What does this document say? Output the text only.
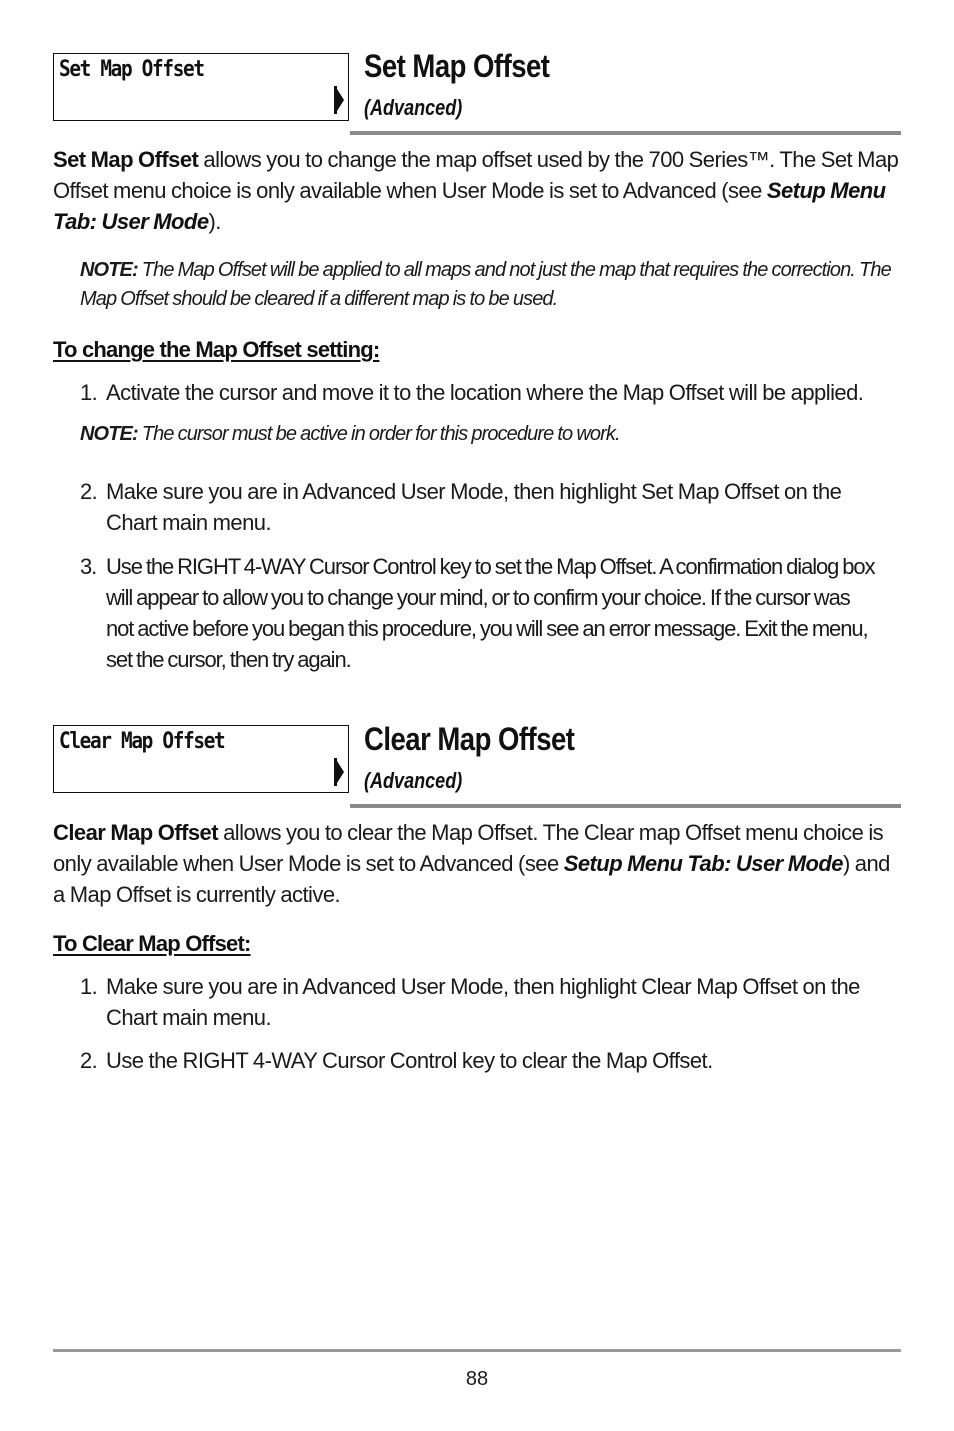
Set Map Offset	Set Map Offset
(Advanced)

Set Map Offset allows you to change the map offset used by the 700 Series™. The Set Map Offset menu choice is only available when User Mode is set to Advanced (see Setup Menu Tab: User Mode).

NOTE: The Map Offset will be applied to all maps and not just the map that requires the correction. The Map Offset should be cleared if a different map is to be used.

To change the Map Offset setting:
1. Activate the cursor and move it to the location where the Map Offset will be applied.

NOTE: The cursor must be active in order for this procedure to work.

2. Make sure you are in Advanced User Mode, then highlight Set Map Offset on the Chart main menu.
3. Use the RIGHT 4-WAY Cursor Control key to set the Map Offset. A confirmation dialog box will appear to allow you to change your mind, or to confirm your choice. If the cursor was not active before you began this procedure, you will see an error message. Exit the menu, set the cursor, then try again.
Clear Map Offset	Clear Map Offset
(Advanced)

Clear Map Offset allows you to clear the Map Offset. The Clear map Offset menu choice is only available when User Mode is set to Advanced (see Setup Menu Tab: User Mode) and a Map Offset is currently active.

To Clear Map Offset:
1. Make sure you are in Advanced User Mode, then highlight Clear Map Offset on the Chart main menu.
2. Use the RIGHT 4-WAY Cursor Control key to clear the Map Offset.
88
